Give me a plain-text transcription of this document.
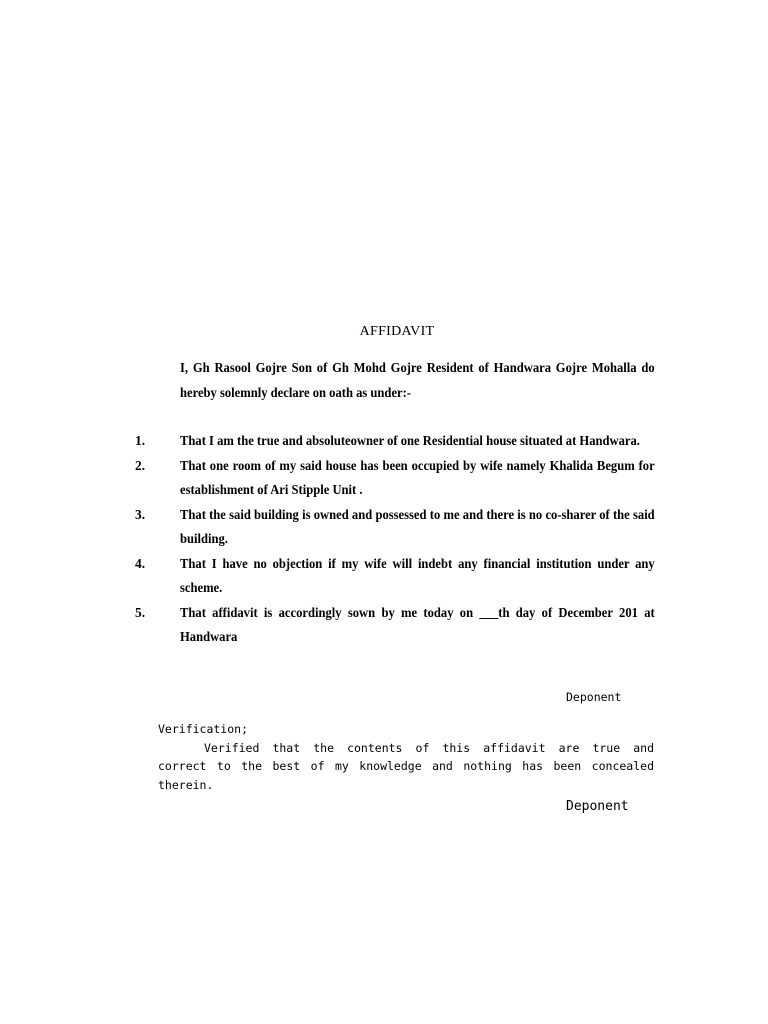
AFFIDAVIT

I, Gh Rasool Gojre Son of Gh Mohd Gojre Resident of Handwara Gojre Mohalla do hereby solemnly declare on oath as under:-

1.	That I am the true and absoluteowner of one Residential house situated at Handwara.
2.	That one room of my said house has been occupied by wife namely Khalida Begum for establishment of Ari Stipple Unit .
3.	That the said building is owned and possessed to me and there is no co-sharer of the said building.
4.	That I have no objection if my wife will indebt any financial institution under any scheme.
5.	That affidavit is accordingly sown by me today on ___th day of December 201 at Handwara

Deponent

Verification;
Verified that the contents of this affidavit are true and correct to the best of my knowledge and nothing has been concealed therein.

Deponent
